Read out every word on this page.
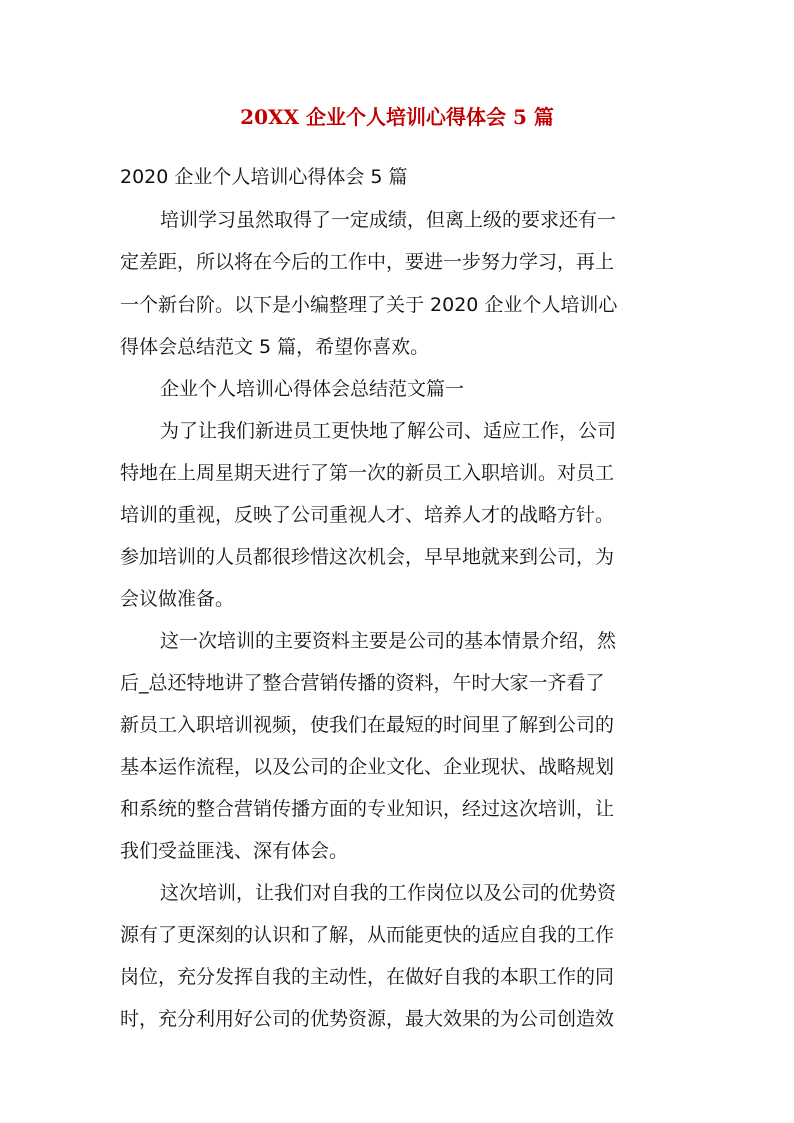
20XX 企业个人培训心得体会 5 篇
2020 企业个人培训心得体会 5 篇
培训学习虽然取得了一定成绩，但离上级的要求还有一
定差距，所以将在今后的工作中，要进一步努力学习，再上
一个新台阶。以下是小编整理了关于 2020 企业个人培训心
得体会总结范文 5 篇，希望你喜欢。
企业个人培训心得体会总结范文篇一
为了让我们新进员工更快地了解公司、适应工作，公司
特地在上周星期天进行了第一次的新员工入职培训。对员工
培训的重视，反映了公司重视人才、培养人才的战略方针。
参加培训的人员都很珍惜这次机会，早早地就来到公司，为
会议做准备。
这一次培训的主要资料主要是公司的基本情景介绍，然
后_总还特地讲了整合营销传播的资料，午时大家一齐看了
新员工入职培训视频，使我们在最短的时间里了解到公司的
基本运作流程，以及公司的企业文化、企业现状、战略规划
和系统的整合营销传播方面的专业知识，经过这次培训，让
我们受益匪浅、深有体会。
这次培训，让我们对自我的工作岗位以及公司的优势资
源有了更深刻的认识和了解，从而能更快的适应自我的工作
岗位，充分发挥自我的主动性，在做好自我的本职工作的同
时，充分利用好公司的优势资源，最大效果的为公司创造效
